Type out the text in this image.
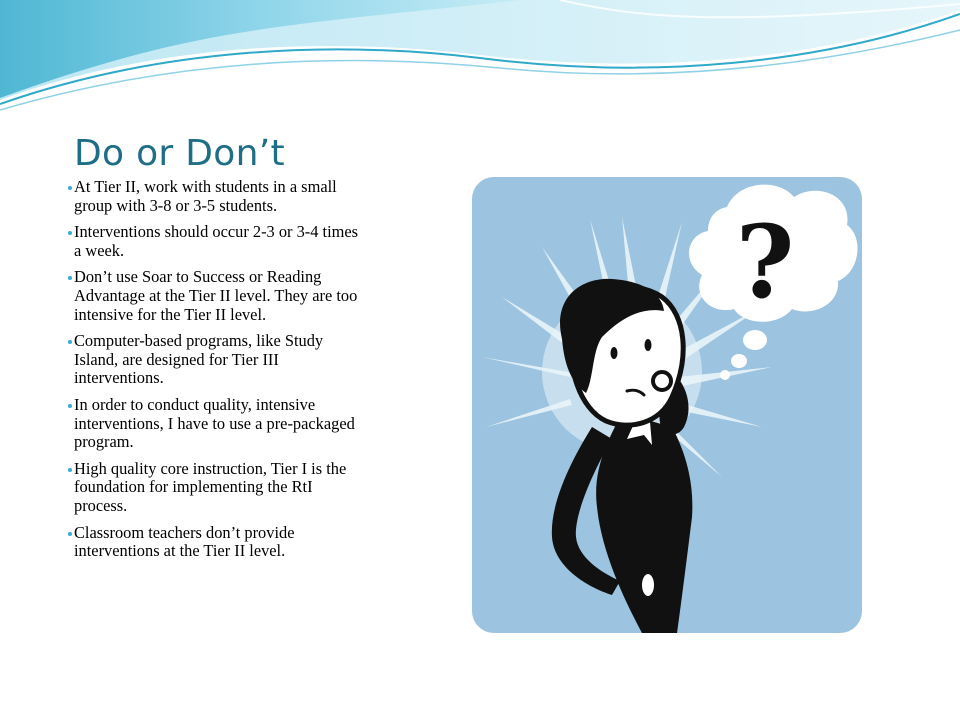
Do or Don’t
At Tier II, work with students in a small group with 3-8 or 3-5 students.
Interventions should occur 2-3 or 3-4 times a week.
Don’t use Soar to Success or Reading Advantage at the Tier II level. They are too intensive for the Tier II level.
Computer-based programs, like Study Island, are designed for Tier III interventions.
In order to conduct quality, intensive interventions, I have to use a pre-packaged program.
High quality core instruction, Tier I is the foundation for implementing the RtI process.
Classroom teachers don’t provide interventions at the Tier II level.
?
